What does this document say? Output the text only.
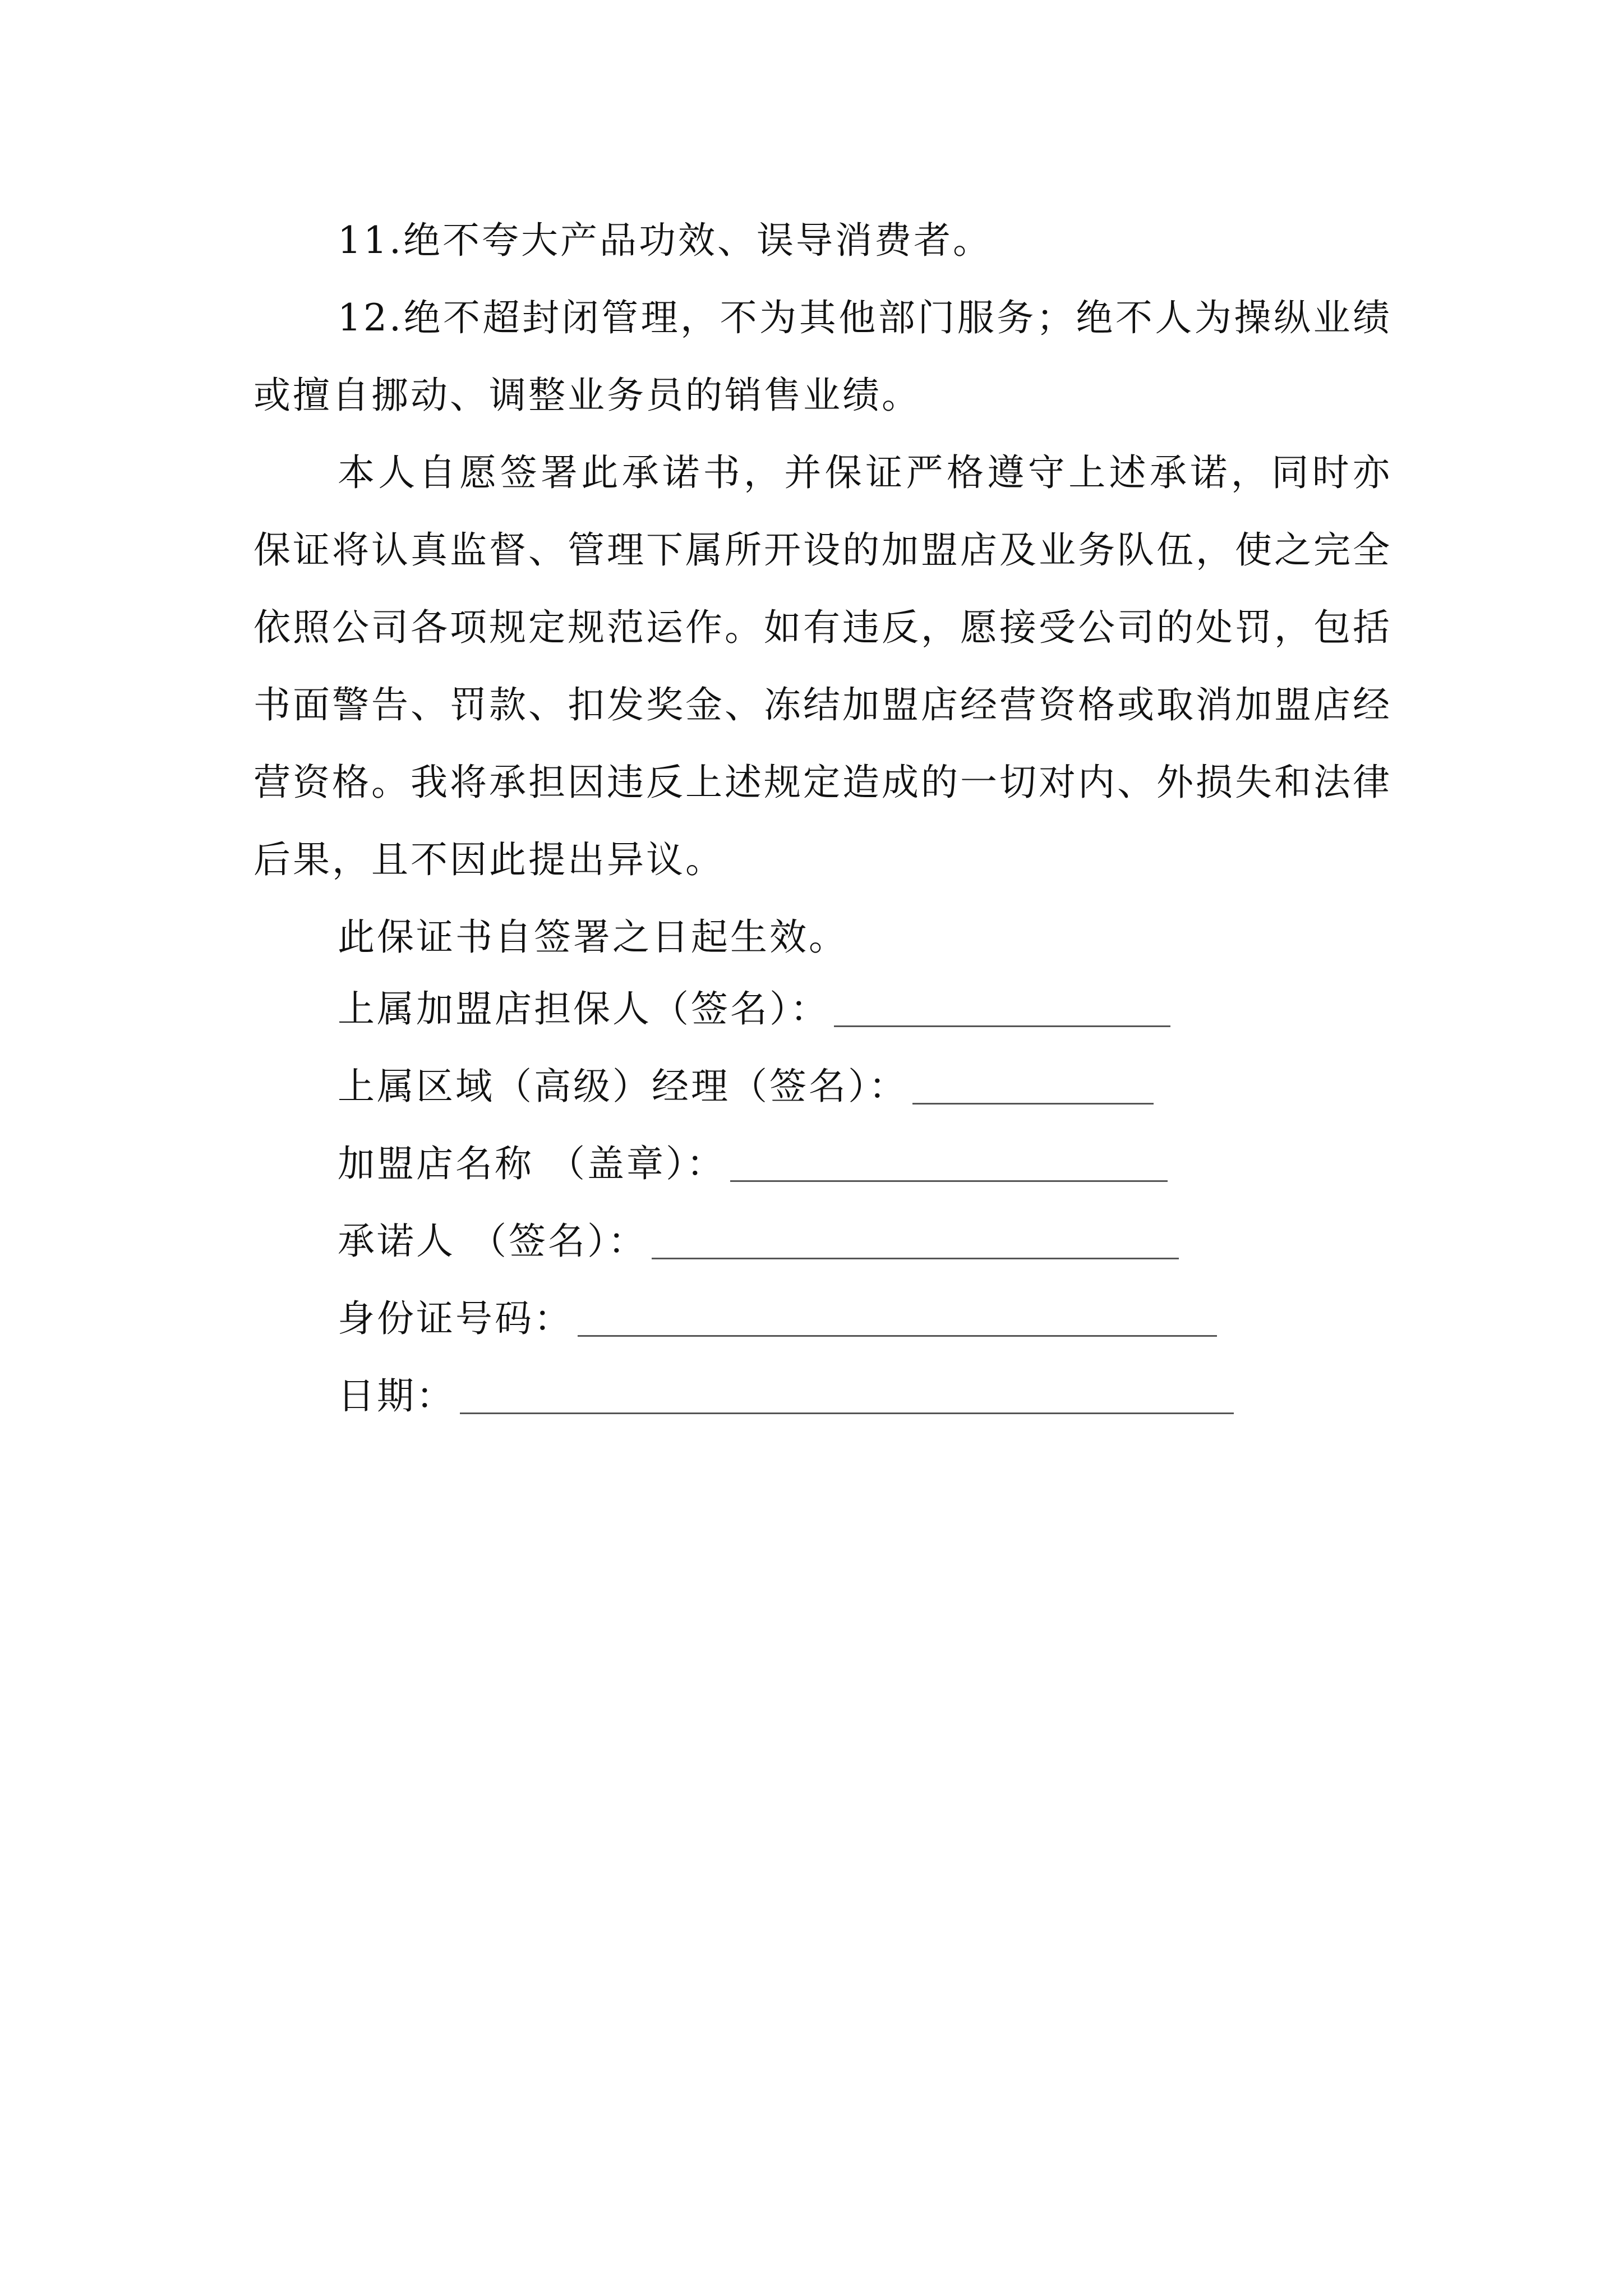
11.绝不夸大产品功效、误导消费者。

12.绝不超封闭管理，不为其他部门服务；绝不人为操纵业绩或擅自挪动、调整业务员的销售业绩。

本人自愿签署此承诺书，并保证严格遵守上述承诺，同时亦保证将认真监督、管理下属所开设的加盟店及业务队伍，使之完全依照公司各项规定规范运作。如有违反，愿接受公司的处罚，包括书面警告、罚款、扣发奖金、冻结加盟店经营资格或取消加盟店经营资格。我将承担因违反上述规定造成的一切对内、外损失和法律后果，且不因此提出异议。

此保证书自签署之日起生效。

上属加盟店担保人（签名）：
上属区域（高级）经理（签名）：
加盟店名称 （盖章）：
承诺人 （签名）：
身份证号码：
日期：
